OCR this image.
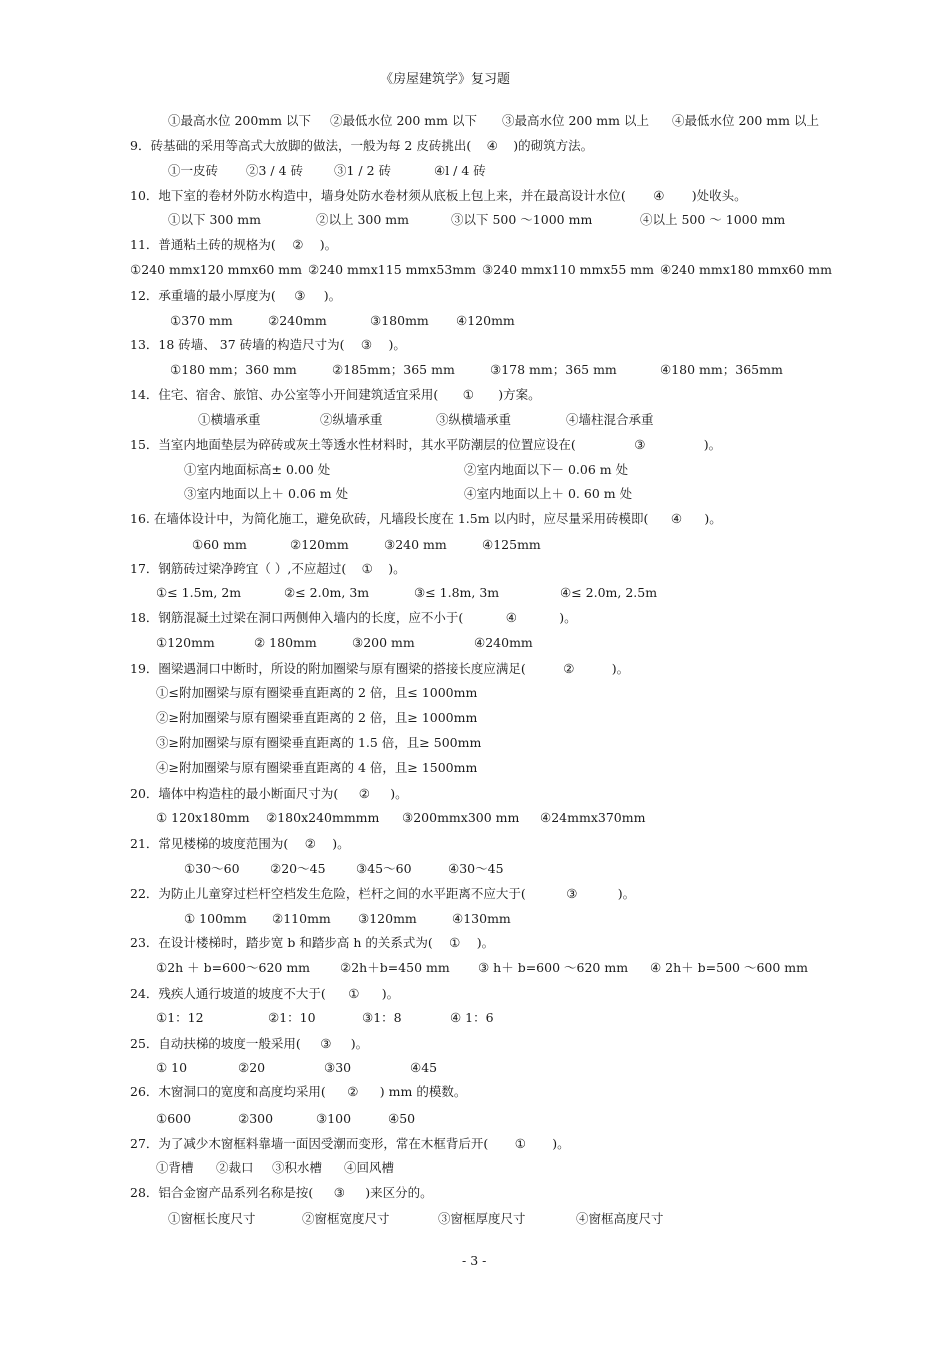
《房屋建筑学》复习题
①最高水位 200mm 以下 ②最低水位 200 mm 以下 ③最高水位 200 mm 以上 ④最低水位 200 mm 以上
9．砖基础的采用等高式大放脚的做法，一般为每 2 皮砖挑出( ④ )的砌筑方法。
①一皮砖 ②3 / 4 砖 ③1 / 2 砖	④l / 4 砖
10．地下室的卷材外防水构造中，墙身处防水卷材须从底板上包上来，并在最高设计水位( ④ )处收头。
①以下 300 mm	②以上 300 mm	③以下 500 ～1000 mm	④以上 500 ～ 1000 mm
11．普通粘土砖的规格为( ② )。
①240 mmx120 mmx60 mm ②240 mmx115 mmx53mm ③240 mmx110 mmx55 mm ④240 mmx180 mmx60 mm
12．承重墙的最小厚度为( ③ )。
①370 mm	②240mm	③180mm ④120mm
13．18 砖墙、 37 砖墙的构造尺寸为( ③ )。
①180 mm；360 mm	②185mm；365 mm	③178 mm；365 mm	④180 mm；365mm
14．住宅、宿舍、旅馆、办公室等小开间建筑适宜采用( ① )方案。
①横墙承重	②纵墙承重	③纵横墙承重	④墙柱混合承重
15．当室内地面垫层为碎砖或灰土等透水性材料时，其水平防潮层的位置应设在(	③	)。
①室内地面标高± 0.00 处	②室内地面以下－ 0.06 m 处
③室内地面以上＋ 0.06 m 处	④室内地面以上＋ 0. 60 m 处
16. 在墙体设计中，为简化施工，避免砍砖，凡墙段长度在 1.5m 以内时，应尽量采用砖模即( ④ )。
①60 mm	②120mm	③240 mm	④125mm
17．钢筋砖过梁净跨宜（ ）,不应超过( ① )。
①≤ 1.5m, 2m	②≤ 2.0m, 3m	③≤ 1.8m, 3m	④≤ 2.0m, 2.5m
18．钢筋混凝土过梁在洞口两侧伸入墙内的长度，应不小于(	④	)。
①120mm	② 180mm	③200 mm	④240mm
19．圈梁遇洞口中断时，所设的附加圈梁与原有圈梁的搭接长度应满足(	②	)。
①≤附加圈梁与原有圈梁垂直距离的 2 倍，且≤ 1000mm
②≥附加圈梁与原有圈梁垂直距离的 2 倍，且≥ 1000mm
③≥附加圈梁与原有圈梁垂直距离的 1.5 倍，且≥ 500mm
④≥附加圈梁与原有圈梁垂直距离的 4 倍，且≥ 1500mm
20．墙体中构造柱的最小断面尺寸为( ② )。
① 120x180mm ②180x240mmmm ③200mmx300 mm ④24mmx370mm
21．常见楼梯的坡度范围为( ② )。
①30～60 ②20～45 ③45～60	④30～45
22．为防止儿童穿过栏杆空档发生危险，栏杆之间的水平距离不应大于(	③	)。
① 100mm ②110mm ③120mm	④130mm
23．在设计楼梯时，踏步宽 b 和踏步高 h 的关系式为( ① )。
①2h ＋ b=600～620 mm ②2h＋b=450 mm ③ h＋ b=600 ～620 mm ④ 2h＋ b=500 ～600 mm
24．残疾人通行坡道的坡度不大于( ① )。
①1：12	②1：10	③1：8	④ 1：6
25．自动扶梯的坡度一般采用( ③ )。
① 10	②20	③30	④45
26．木窗洞口的宽度和高度均采用( ② ) mm 的模数。
①600	②300	③100	④50
27．为了减少木窗框料靠墙一面因受潮而变形，常在木框背后开( ① )。
①背槽 ②裁口 ③积水槽 ④回风槽
28．铝合金窗产品系列名称是按( ③ )来区分的。
①窗框长度尺寸	②窗框宽度尺寸	③窗框厚度尺寸	④窗框高度尺寸
- 3 -
